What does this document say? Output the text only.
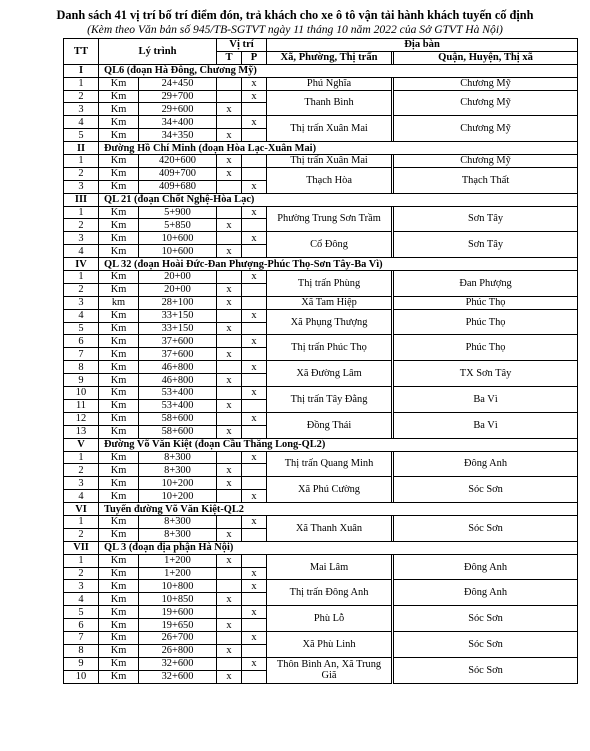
Danh sách 41 vị trí bố trí điểm đón, trả khách cho xe ô tô vận tải hành khách tuyến cố định
(Kèm theo Văn bản số 945/TB-SGTVT ngày 11 tháng 10 năm 2022 của Sở GTVT Hà Nội)
TT	Lý trình		Vị trí		Địa bàn		
			T	P	Xã, Phường, Thị trấn		Quận, Huyện, Thị xã
I	QL6 (đoạn Hà Đông, Chương Mỹ)						
1	Km	24+450		x	Phú Nghĩa		Chương Mỹ
2	Km	29+700		x	Thanh Bình		Chương Mỹ
3	Km	29+600	x				
4	Km	34+400		x	Thị trấn Xuân Mai		Chương Mỹ
5	Km	34+350	x				
II	Đường Hồ Chí Minh (đoạn Hòa Lạc-Xuân Mai)						
1	Km	420+600	x		Thị trấn Xuân Mai		Chương Mỹ
2	Km	409+700	x		Thạch Hòa		Thạch Thất
3	Km	409+680		x			
III	QL 21 (đoạn Chốt Nghệ-Hòa Lạc)						
1	Km	5+900		x	Phường Trung Sơn Trầm		Sơn Tây
2	Km	5+850	x				
3	Km	10+600		x	Cổ Đông		Sơn Tây
4	Km	10+600	x				
IV	QL 32 (đoạn Hoài Đức-Đan Phượng-Phúc Thọ-Sơn Tây-Ba Vì)						
1	Km	20+00		x	Thị trấn Phùng		Đan Phượng
2	Km	20+00	x				
3	km	28+100	x		Xã Tam Hiệp		Phúc Thọ
4	Km	33+150		x	Xã Phụng Thượng		Phúc Thọ
5	Km	33+150	x				
6	Km	37+600		x	Thị trấn Phúc Thọ		Phúc Thọ
7	Km	37+600	x				
8	Km	46+800		x	Xã Đường Lâm		TX Sơn Tây
9	Km	46+800	x				
10	Km	53+400		x	Thị trấn Tây Đằng		Ba Vì
11	Km	53+400	x				
12	Km	58+600		x	Đồng Thái		Ba Vì
13	Km	58+600	x				
V	Đường Võ Văn Kiệt (đoạn Cầu Thăng Long-QL2)						
1	Km	8+300		x	Thị trấn Quang Minh		Đông Anh
2	Km	8+300	x				
3	Km	10+200	x		Xã Phú Cường		Sóc Sơn
4	Km	10+200		x			
VI	Tuyến đường Võ Văn Kiệt-QL2						
1	Km	8+300		x	Xã Thanh Xuân		Sóc Sơn
2	Km	8+300	x				
VII	QL 3 (đoạn địa phận Hà Nội)						
1	Km	1+200	x		Mai Lâm		Đông Anh
2	Km	1+200		x			
3	Km	10+800		x	Thị trấn Đông Anh		Đông Anh
4	Km	10+850	x				
5	Km	19+600		x	Phù Lỗ		Sóc Sơn
6	Km	19+650	x				
7	Km	26+700		x	Xã Phù Linh		Sóc Sơn
8	Km	26+800	x				
9	Km	32+600		x	Thôn Bình An, Xã Trung Giã		Sóc Sơn
10	Km	32+600	x				
